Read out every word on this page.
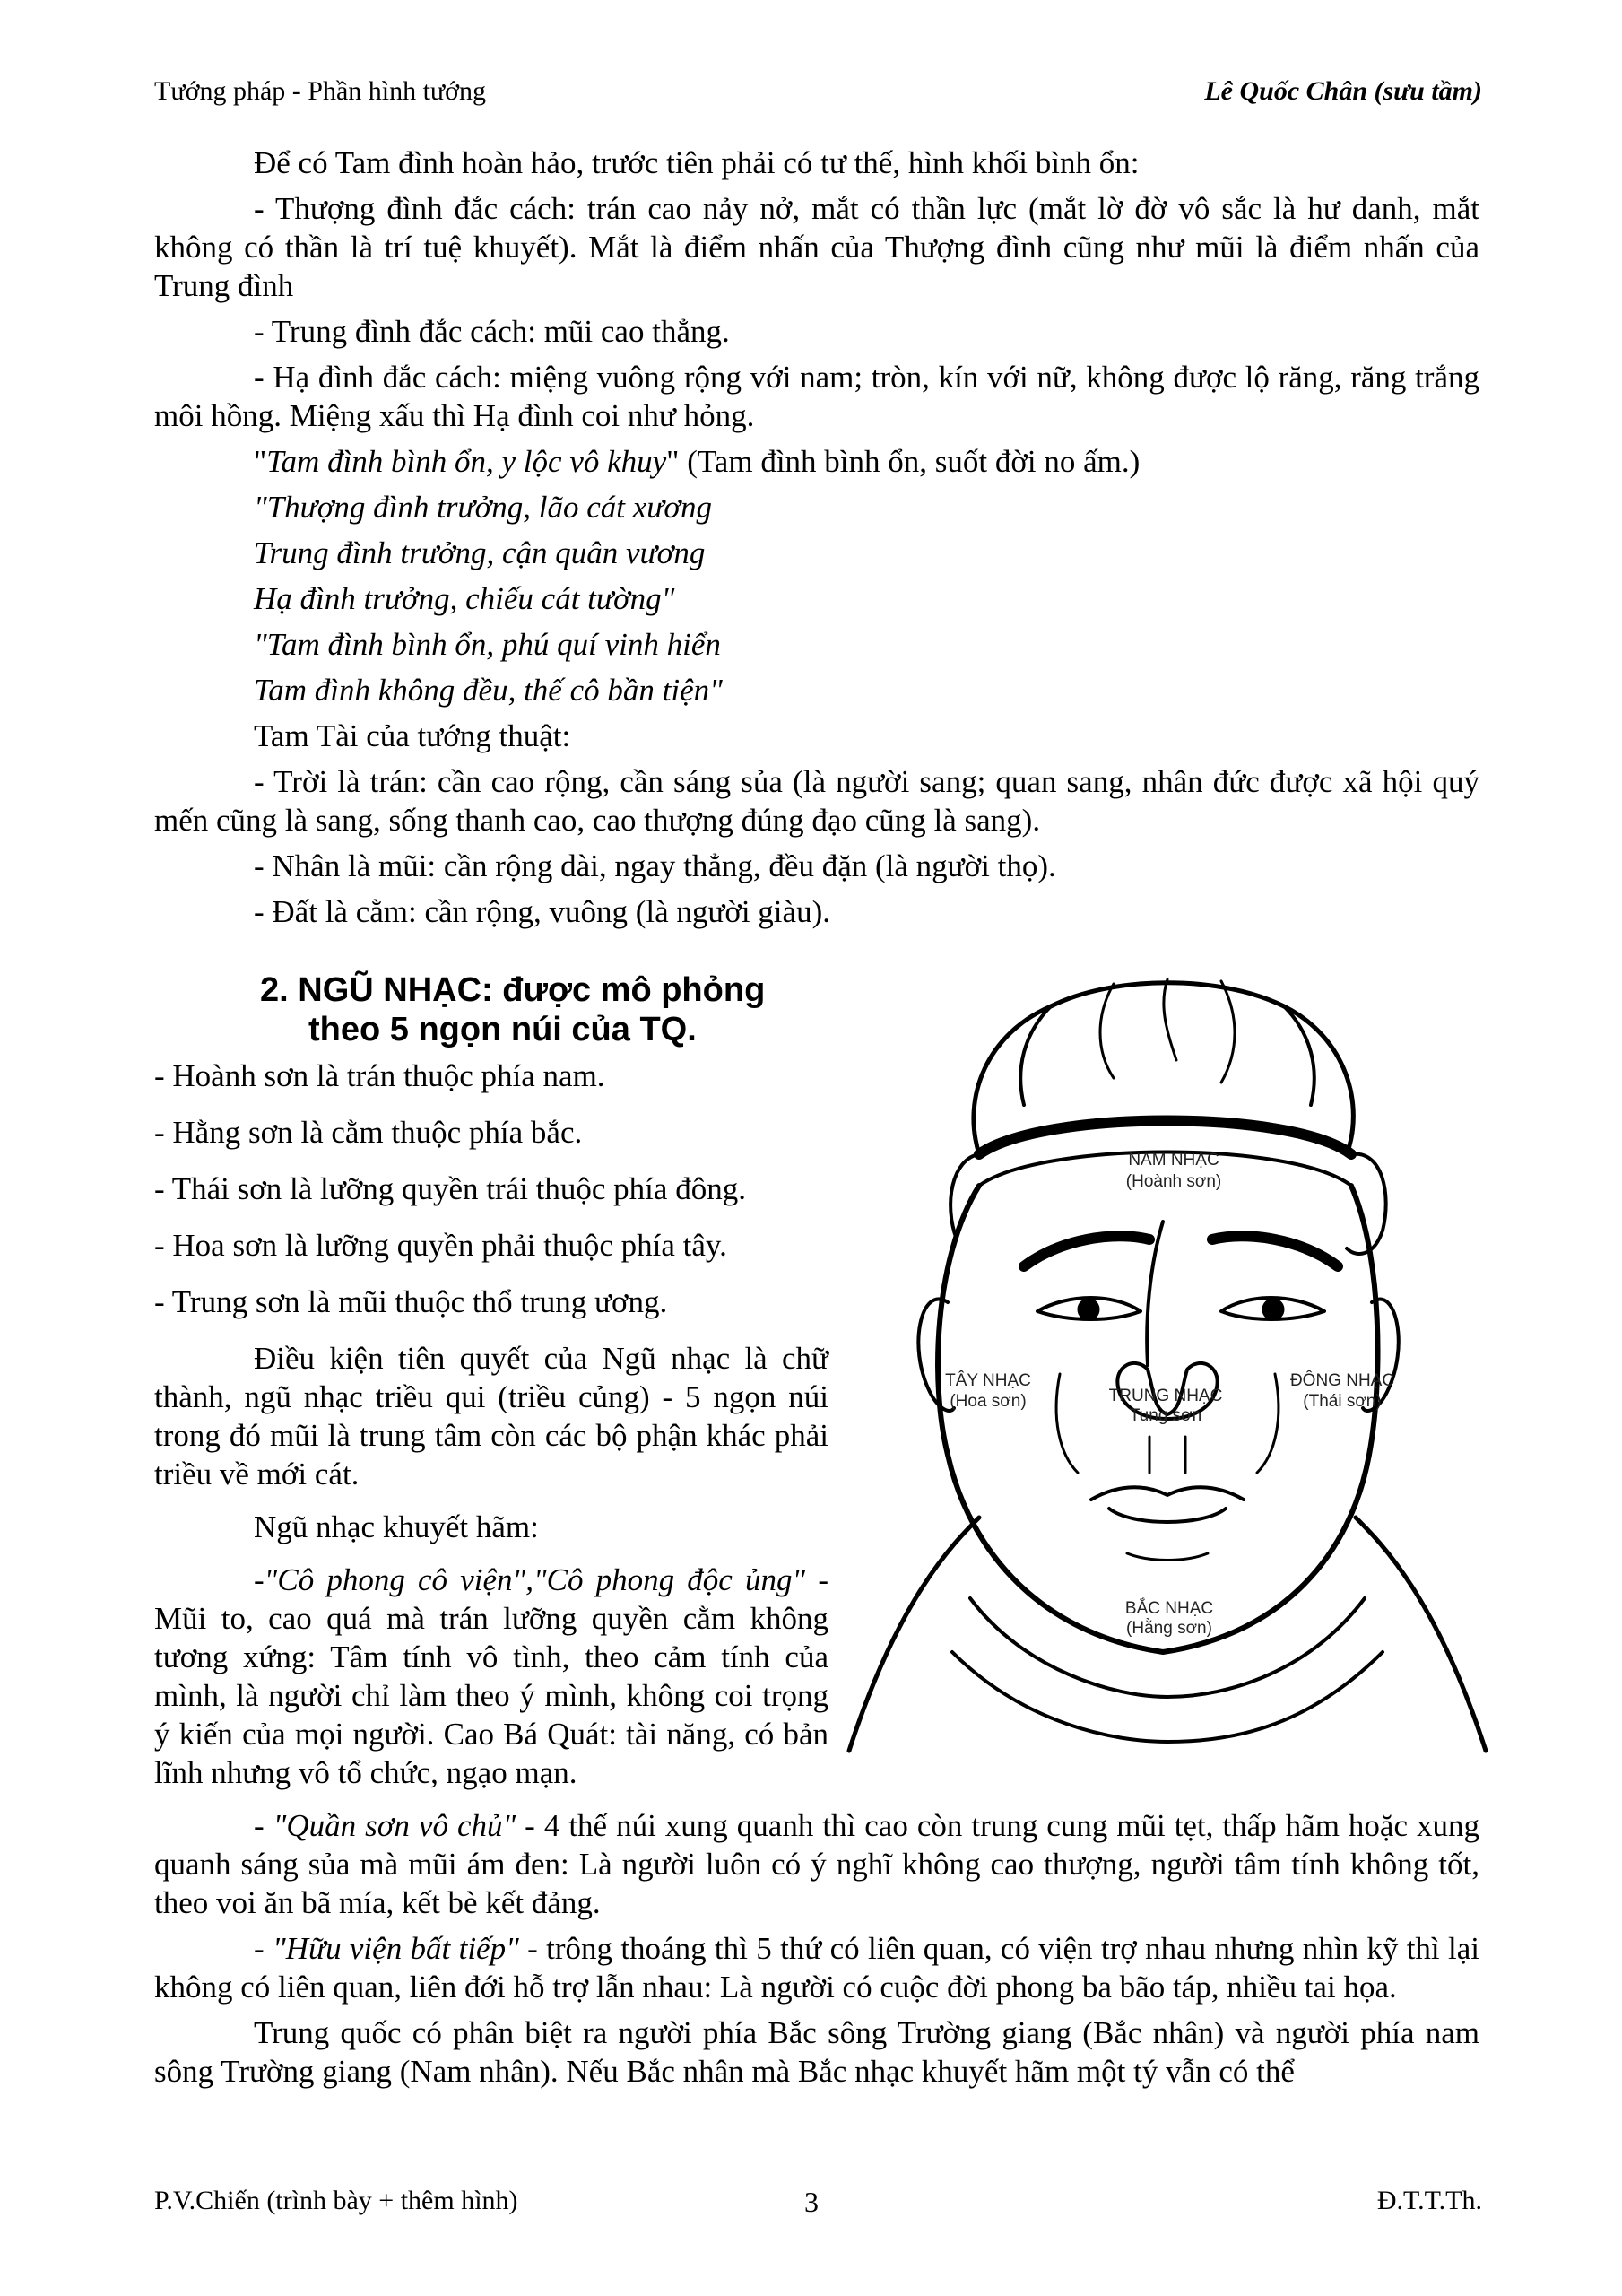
Tướng pháp - Phần hình tướng	Lê Quốc Chân (sưu tầm)

Để có Tam đình hoàn hảo, trước tiên phải có tư thế, hình khối bình ổn:

- Thượng đình đắc cách: trán cao nảy nở, mắt có thần lực (mắt lờ đờ vô sắc là hư danh, mắt không có thần là trí tuệ khuyết). Mắt là điểm nhấn của Thượng đình cũng như mũi là điểm nhấn của Trung đình

- Trung đình đắc cách: mũi cao thẳng.

- Hạ đình đắc cách: miệng vuông rộng với nam; tròn, kín với nữ, không được lộ răng, răng trắng môi hồng. Miệng xấu thì Hạ đình coi như hỏng.

"Tam đình bình ổn, y lộc vô khuy" (Tam đình bình ổn, suốt đời no ấm.)

"Thượng đình trưởng, lão cát xương

Trung đình trưởng, cận quân vương

Hạ đình trưởng, chiếu cát tường"

"Tam đình bình ổn, phú quí vinh hiển

Tam đình không đều, thế cô bần tiện"

Tam Tài của tướng thuật:

- Trời là trán: cần cao rộng, cần sáng sủa (là người sang; quan sang, nhân đức được xã hội quý mến cũng là sang, sống thanh cao, cao thượng đúng đạo cũng là sang).

- Nhân là mũi: cần rộng dài, ngay thẳng, đều đặn (là người thọ).

- Đất là cằm: cần rộng, vuông (là người giàu).

2. NGŨ NHẠC: được mô phỏng
theo 5 ngọn núi của TQ.

- Hoành sơn là trán thuộc phía nam.

- Hằng sơn là cằm thuộc phía bắc.

- Thái sơn là lưỡng quyền trái thuộc phía đông.

- Hoa sơn là lưỡng quyền phải thuộc phía tây.

- Trung sơn là mũi thuộc thổ trung ương.

Điều kiện tiên quyết của Ngũ nhạc là chữ thành, ngũ nhạc triều qui (triều củng) - 5 ngọn núi trong đó mũi là trung tâm còn các bộ phận khác phải triều về mới cát.

Ngũ nhạc khuyết hãm:

-"Cô phong cô viện","Cô phong độc ủng" - Mũi to, cao quá mà trán lưỡng quyền cằm không tương xứng: Tâm tính vô tình, theo cảm tính của mình, là người chỉ làm theo ý mình, không coi trọng ý kiến của mọi người. Cao Bá Quát: tài năng, có bản lĩnh nhưng vô tổ chức, ngạo mạn.

NAM NHẠC
(Hoành sơn)
TÂY NHẠC
(Hoa sơn)	TRUNG NHẠC
Tung sơn
ĐÔNG NHẠC
(Thái sơn)
BẮC NHẠC
(Hằng sơn)

- "Quần sơn vô chủ" - 4 thế núi xung quanh thì cao còn trung cung mũi tẹt, thấp hãm hoặc xung quanh sáng sủa mà mũi ám đen: Là người luôn có ý nghĩ không cao thượng, người tâm tính không tốt, theo voi ăn bã mía, kết bè kết đảng.

- "Hữu viện bất tiếp" - trông thoáng thì 5 thứ có liên quan, có viện trợ nhau nhưng nhìn kỹ thì lại không có liên quan, liên đới hỗ trợ lẫn nhau: Là người có cuộc đời phong ba bão táp, nhiều tai họa.

Trung quốc có phân biệt ra người phía Bắc sông Trường giang (Bắc nhân) và người phía nam sông Trường giang (Nam nhân). Nếu Bắc nhân mà Bắc nhạc khuyết hãm một tý vẫn có thể

P.V.Chiến (trình bày + thêm hình)	3	Đ.T.T.Th.
